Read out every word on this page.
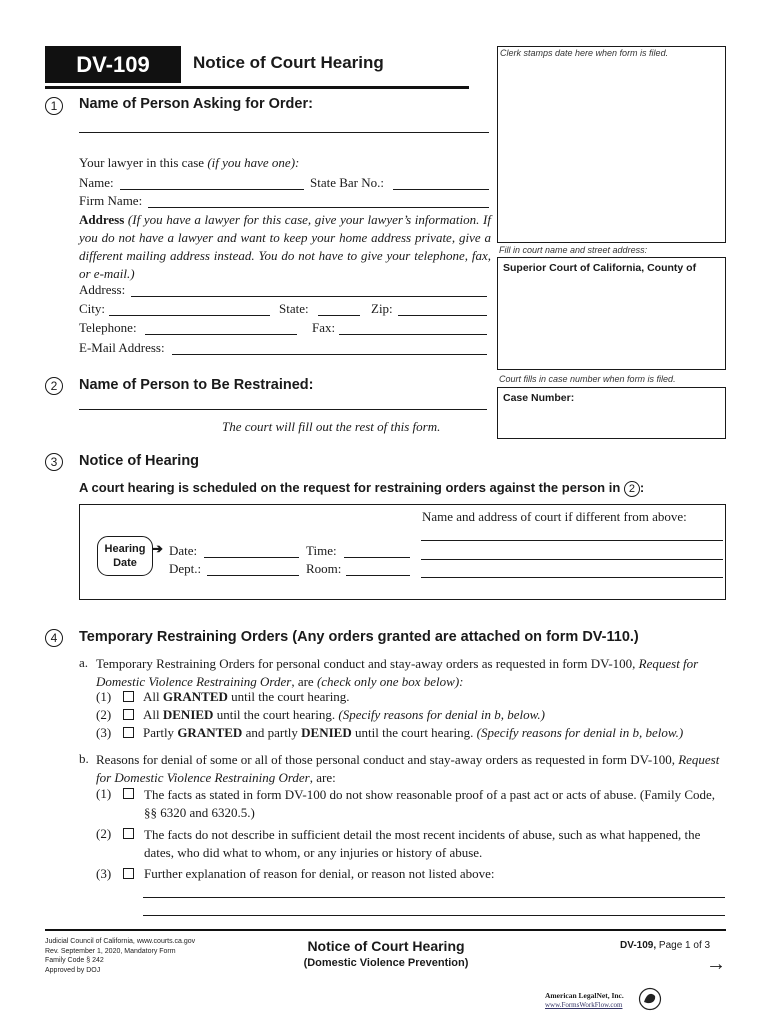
DV-109	Notice of Court Hearing	Clerk stamps date here when form is filed.
Fill in court name and street address:
Superior Court of California, County of
Court fills in case number when form is filed.
Case Number:
1	Name of Person Asking for Order:
Your lawyer in this case (if you have one):
Name:	State Bar No.:
Firm Name:
Address (If you have a lawyer for this case, give your lawyer’s information. If you do not have a lawyer and want to keep your home address private, give a different mailing address instead. You do not have to give your telephone, fax, or e-mail.)
Address:
City:	State:	Zip:
Telephone:	Fax:
E-Mail Address:
2	Name of Person to Be Restrained:
The court will fill out the rest of this form.
3	Notice of Hearing
A court hearing is scheduled on the request for restraining orders against the person in 2 :
Name and address of court if different from above:
Hearing
Date
➔ Date:	Time:
Dept.:	Room:
4	Temporary Restraining Orders (Any orders granted are attached on form DV-110.)
a. Temporary Restraining Orders for personal conduct and stay-away orders as requested in form DV-100, Request for Domestic Violence Restraining Order, are (check only one box below):
(1) All GRANTED until the court hearing.
(2) All DENIED until the court hearing. (Specify reasons for denial in b, below.)
(3) Partly GRANTED and partly DENIED until the court hearing. (Specify reasons for denial in b, below.)
b. Reasons for denial of some or all of those personal conduct and stay-away orders as requested in form DV-100, Request for Domestic Violence Restraining Order, are:
(1)	The facts as stated in form DV-100 do not show reasonable proof of a past act or acts of abuse. (Family Code, §§ 6320 and 6320.5.)
(2)	The facts do not describe in sufficient detail the most recent incidents of abuse, such as what happened, the dates, who did what to whom, or any injuries or history of abuse.
(3)	Further explanation of reason for denial, or reason not listed above:
Judicial Council of California, www.courts.ca.gov
Rev. September 1, 2020, Mandatory Form
Family Code § 242
Approved by DOJ
Notice of Court Hearing
(Domestic Violence Prevention)
DV-109, Page 1 of 3
→
American LegalNet, Inc.
www.FormsWorkFlow.com
